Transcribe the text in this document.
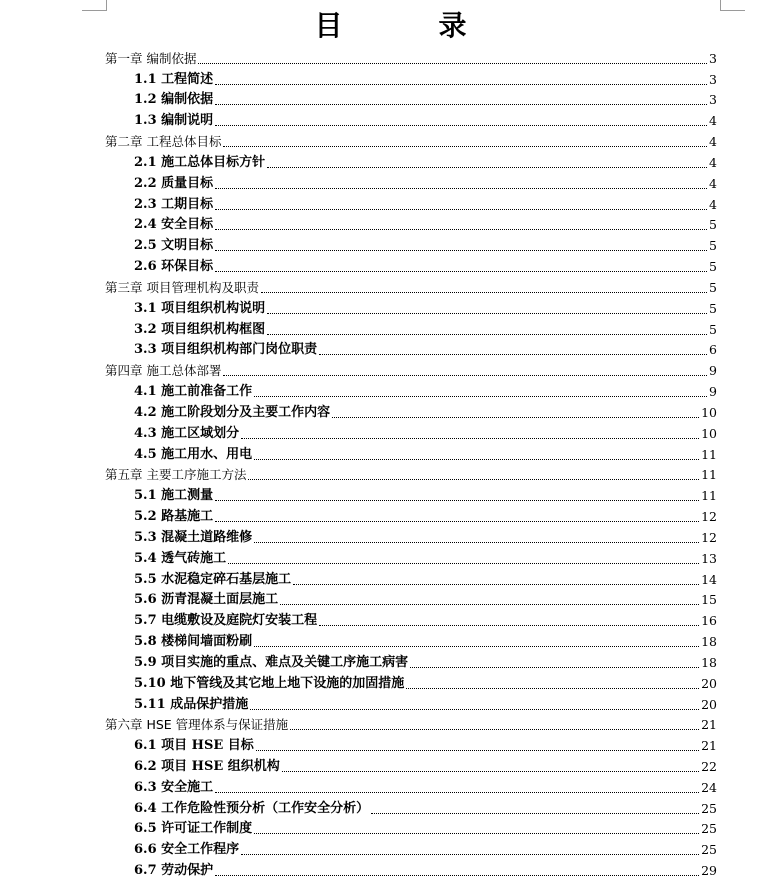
目　录
第一章 编制依据	3
1.1 工程简述	3
1.2 编制依据	3
1.3 编制说明	4
第二章 工程总体目标	4
2.1 施工总体目标方针	4
2.2 质量目标	4
2.3 工期目标	4
2.4 安全目标	5
2.5 文明目标	5
2.6 环保目标	5
第三章 项目管理机构及职责	5
3.1 项目组织机构说明	5
3.2 项目组织机构框图	5
3.3 项目组织机构部门岗位职责	6
第四章 施工总体部署	9
4.1 施工前准备工作	9
4.2 施工阶段划分及主要工作内容	10
4.3 施工区域划分	10
4.5 施工用水、用电	11
第五章 主要工序施工方法	11
5.1 施工测量	11
5.2 路基施工	12
5.3 混凝土道路维修	12
5.4 透气砖施工	13
5.5 水泥稳定碎石基层施工	14
5.6 沥青混凝土面层施工	15
5.7 电缆敷设及庭院灯安装工程	16
5.8 楼梯间墙面粉刷	18
5.9 项目实施的重点、难点及关键工序施工病害	18
5.10 地下管线及其它地上地下设施的加固措施	20
5.11 成品保护措施	20
第六章 HSE 管理体系与保证措施	21
6.1 项目 HSE 目标	21
6.2 项目 HSE 组织机构	22
6.3 安全施工	24
6.4 工作危险性预分析（工作安全分析）	25
6.5 许可证工作制度	25
6.6 安全工作程序	25
6.7 劳动保护	29
